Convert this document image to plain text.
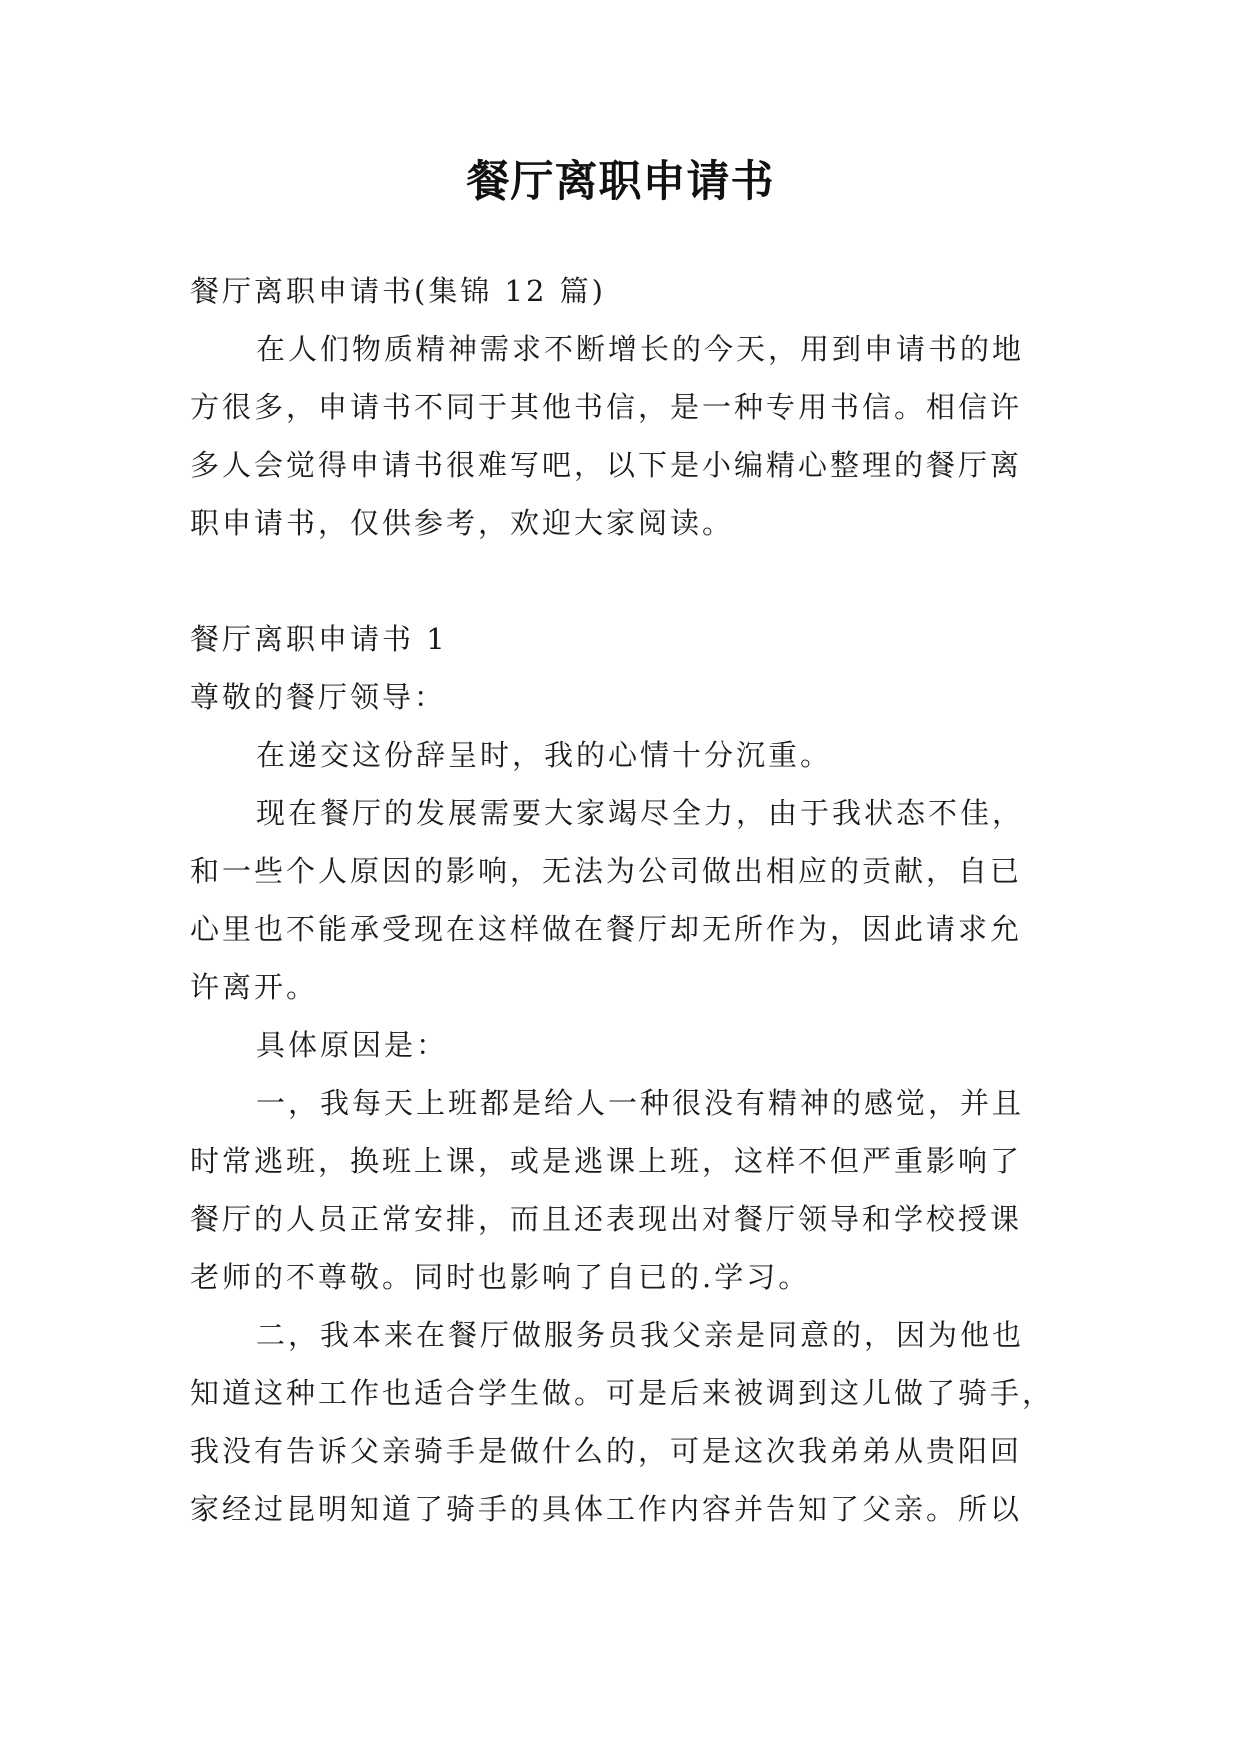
餐厅离职申请书
餐厅离职申请书(集锦 12 篇)
在人们物质精神需求不断增长的今天，用到申请书的地
方很多，申请书不同于其他书信，是一种专用书信。相信许
多人会觉得申请书很难写吧，以下是小编精心整理的餐厅离
职申请书，仅供参考，欢迎大家阅读。
餐厅离职申请书 1
尊敬的餐厅领导：
在递交这份辞呈时，我的心情十分沉重。
现在餐厅的发展需要大家竭尽全力，由于我状态不佳，
和一些个人原因的影响，无法为公司做出相应的贡献，自已
心里也不能承受现在这样做在餐厅却无所作为，因此请求允
许离开。
具体原因是：
一，我每天上班都是给人一种很没有精神的感觉，并且
时常逃班，换班上课，或是逃课上班，这样不但严重影响了
餐厅的人员正常安排，而且还表现出对餐厅领导和学校授课
老师的不尊敬。同时也影响了自已的.学习。
二，我本来在餐厅做服务员我父亲是同意的，因为他也
知道这种工作也适合学生做。可是后来被调到这儿做了骑手，
我没有告诉父亲骑手是做什么的，可是这次我弟弟从贵阳回
家经过昆明知道了骑手的具体工作内容并告知了父亲。所以
